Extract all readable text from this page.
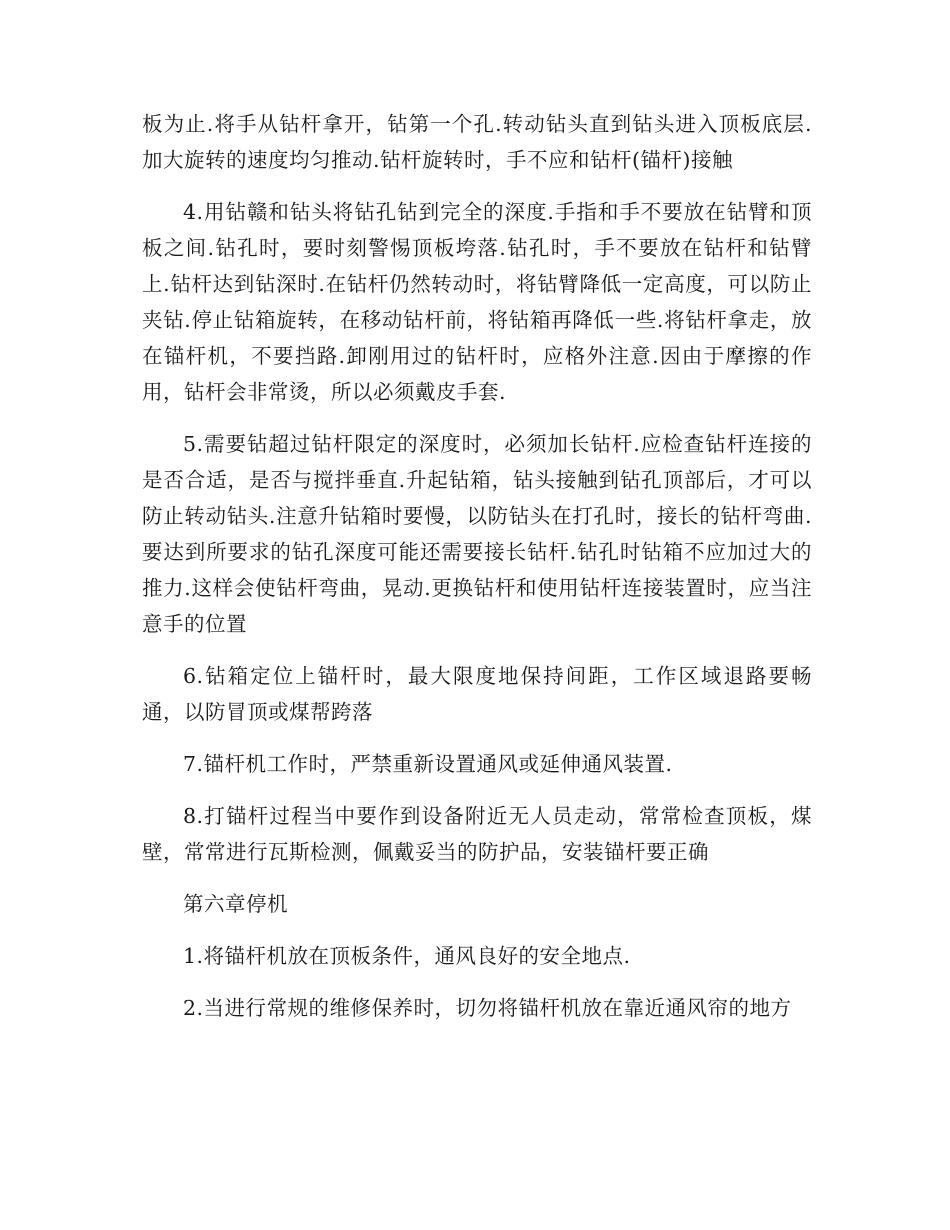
板为止.将手从钻杆拿开，钻第一个孔.转动钻头直到钻头进入顶板底层.加大旋转的速度均匀推动.钻杆旋转时，手不应和钻杆(锚杆)接触

4.用钻赣和钻头将钻孔钻到完全的深度.手指和手不要放在钻臂和顶板之间.钻孔时，要时刻警惕顶板垮落.钻孔时，手不要放在钻杆和钻臂上.钻杆达到钻深时.在钻杆仍然转动时，将钻臂降低一定高度，可以防止夹钻.停止钻箱旋转，在移动钻杆前，将钻箱再降低一些.将钻杆拿走，放在锚杆机，不要挡路.卸刚用过的钻杆时，应格外注意.因由于摩擦的作用，钻杆会非常烫，所以必须戴皮手套.

5.需要钻超过钻杆限定的深度时，必须加长钻杆.应检查钻杆连接的是否合适，是否与搅拌垂直.升起钻箱，钻头接触到钻孔顶部后，才可以防止转动钻头.注意升钻箱时要慢，以防钻头在打孔时，接长的钻杆弯曲.要达到所要求的钻孔深度可能还需要接长钻杆.钻孔时钻箱不应加过大的推力.这样会使钻杆弯曲，晃动.更换钻杆和使用钻杆连接装置时，应当注意手的位置

6.钻箱定位上锚杆时，最大限度地保持间距，工作区域退路要畅通，以防冒顶或煤帮跨落

7.锚杆机工作时，严禁重新设置通风或延伸通风装置.

8.打锚杆过程当中要作到设备附近无人员走动，常常检查顶板，煤壁，常常进行瓦斯检测，佩戴妥当的防护品，安装锚杆要正确

第六章停机

1.将锚杆机放在顶板条件，通风良好的安全地点.

2.当进行常规的维修保养时，切勿将锚杆机放在靠近通风帘的地方
